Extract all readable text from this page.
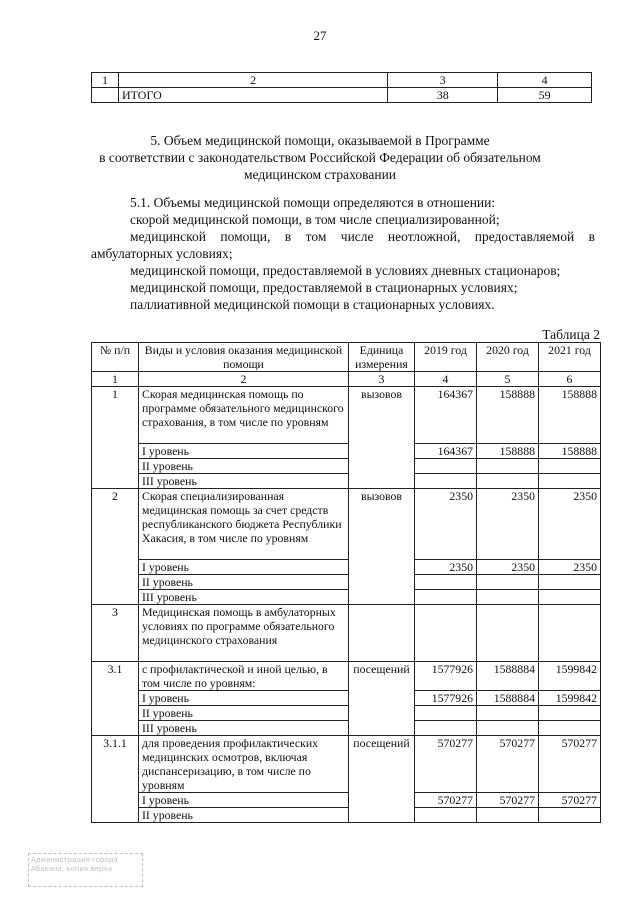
27
1	2	3	4
	ИТОГО	38	59
5. Объем медицинской помощи, оказываемой в Программе
в соответствии с законодательством Российской Федерации об обязательном
медицинском страховании
5.1. Объемы медицинской помощи определяются в отношении:
скорой медицинской помощи, в том числе специализированной;
медицинской помощи, в том числе неотложной, предоставляемой в
амбулаторных условиях;
медицинской помощи, предоставляемой в условиях дневных стационаров;
медицинской помощи, предоставляемой в стационарных условиях;
паллиативной медицинской помощи в стационарных условиях.
Таблица 2
№ п/п	Виды и условия оказания медицинской помощи	Единица измерения	2019 год	2020 год	2021 год
1	2	3	4	5	6
1	Скорая медицинская помощь по программе обязательного медицинского страхования, в том числе по уровням	вызовов	164367	158888	158888
	I уровень		164367	158888	158888
	II уровень				
	III уровень				
2	Скорая специализированная медицинская помощь за счет средств республиканского бюджета Республики Хакасия, в том числе по уровням	вызовов	2350	2350	2350
	I уровень		2350	2350	2350
	II уровень				
	III уровень				
3	Медицинская помощь в амбулаторных условиях по программе обязательного медицинского страхования				
3.1	с профилактической и иной целью, в том числе по уровням:	посещений	1577926	1588884	1599842
	I уровень		1577926	1588884	1599842
	II уровень				
	III уровень				
3.1.1	для проведения профилактических медицинских осмотров, включая диспансеризацию, в том числе по уровням	посещений	570277	570277	570277
	I уровень		570277	570277	570277
	II уровень				
Администрация города Абакана, копия верна
